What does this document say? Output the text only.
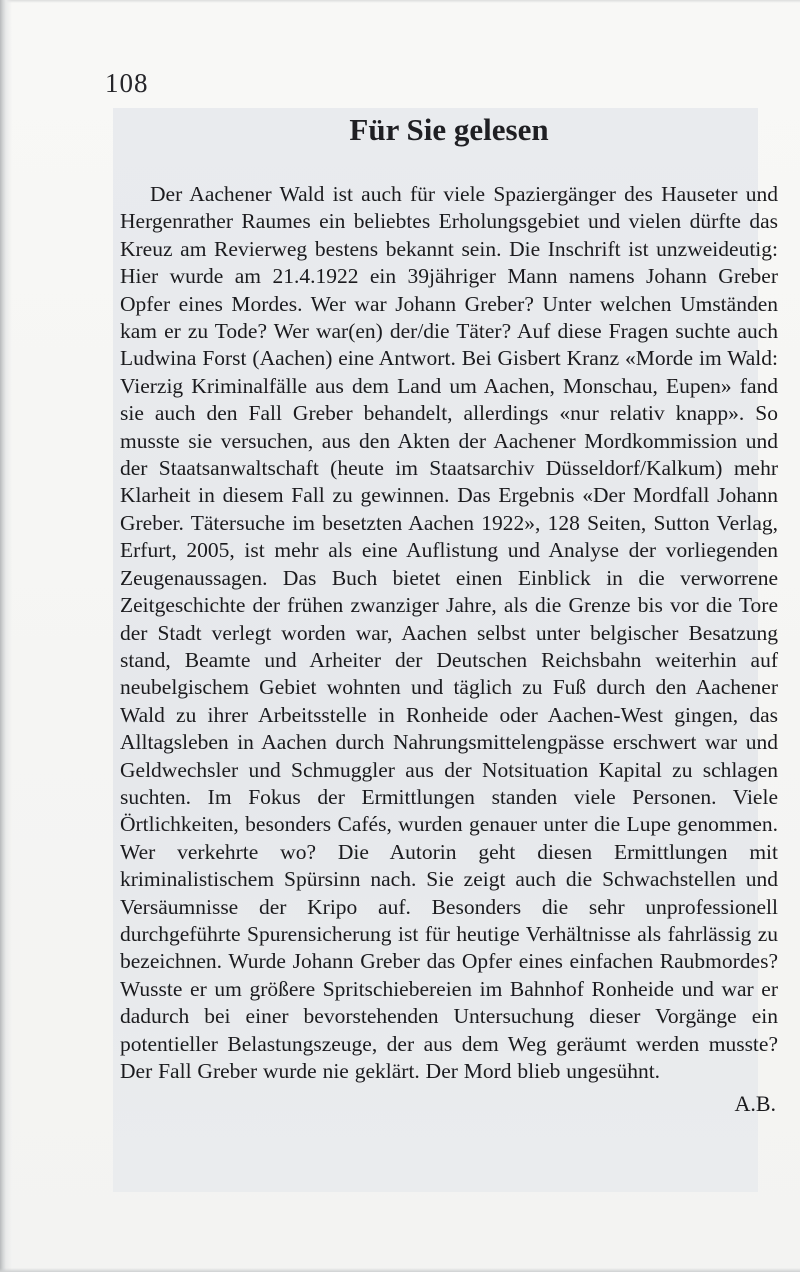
108
Für Sie gelesen

Der Aachener Wald ist auch für viele Spaziergänger des Hauseter und Hergenrather Raumes ein beliebtes Erholungsgebiet und vielen dürfte das Kreuz am Revierweg bestens bekannt sein. Die Inschrift ist unzweideutig: Hier wurde am 21.4.1922 ein 39jähriger Mann namens Johann Greber Opfer eines Mordes. Wer war Johann Greber? Unter welchen Umständen kam er zu Tode? Wer war(en) der/die Täter? Auf diese Fragen suchte auch Ludwina Forst (Aachen) eine Antwort. Bei Gisbert Kranz «Morde im Wald: Vierzig Kriminalfälle aus dem Land um Aachen, Monschau, Eupen» fand sie auch den Fall Greber behandelt, allerdings «nur relativ knapp». So musste sie versuchen, aus den Akten der Aachener Mordkommission und der Staatsanwaltschaft (heute im Staatsarchiv Düsseldorf/Kalkum) mehr Klarheit in diesem Fall zu gewinnen. Das Ergebnis «Der Mordfall Johann Greber. Tätersuche im besetzten Aachen 1922», 128 Seiten, Sutton Verlag, Erfurt, 2005, ist mehr als eine Auflistung und Analyse der vorliegenden Zeugenaussagen. Das Buch bietet einen Einblick in die verworrene Zeitgeschichte der frühen zwanziger Jahre, als die Grenze bis vor die Tore der Stadt verlegt worden war, Aachen selbst unter belgischer Besatzung stand, Beamte und Arheiter der Deutschen Reichsbahn weiterhin auf neubelgischem Gebiet wohnten und täglich zu Fuß durch den Aachener Wald zu ihrer Arbeitsstelle in Ronheide oder Aachen-West gingen, das Alltagsleben in Aachen durch Nahrungsmittelengpässe erschwert war und Geldwechsler und Schmuggler aus der Notsituation Kapital zu schlagen suchten. Im Fokus der Ermittlungen standen viele Personen. Viele Örtlichkeiten, besonders Cafés, wurden genauer unter die Lupe genommen. Wer verkehrte wo? Die Autorin geht diesen Ermittlungen mit kriminalistischem Spürsinn nach. Sie zeigt auch die Schwachstellen und Versäumnisse der Kripo auf. Besonders die sehr unprofessionell durchgeführte Spurensicherung ist für heutige Verhältnisse als fahrlässig zu bezeichnen. Wurde Johann Greber das Opfer eines einfachen Raubmordes? Wusste er um größere Spritschiebereien im Bahnhof Ronheide und war er dadurch bei einer bevorstehenden Untersuchung dieser Vorgänge ein potentieller Belastungszeuge, der aus dem Weg geräumt werden musste? Der Fall Greber wurde nie geklärt. Der Mord blieb ungesühnt.

A.B.
